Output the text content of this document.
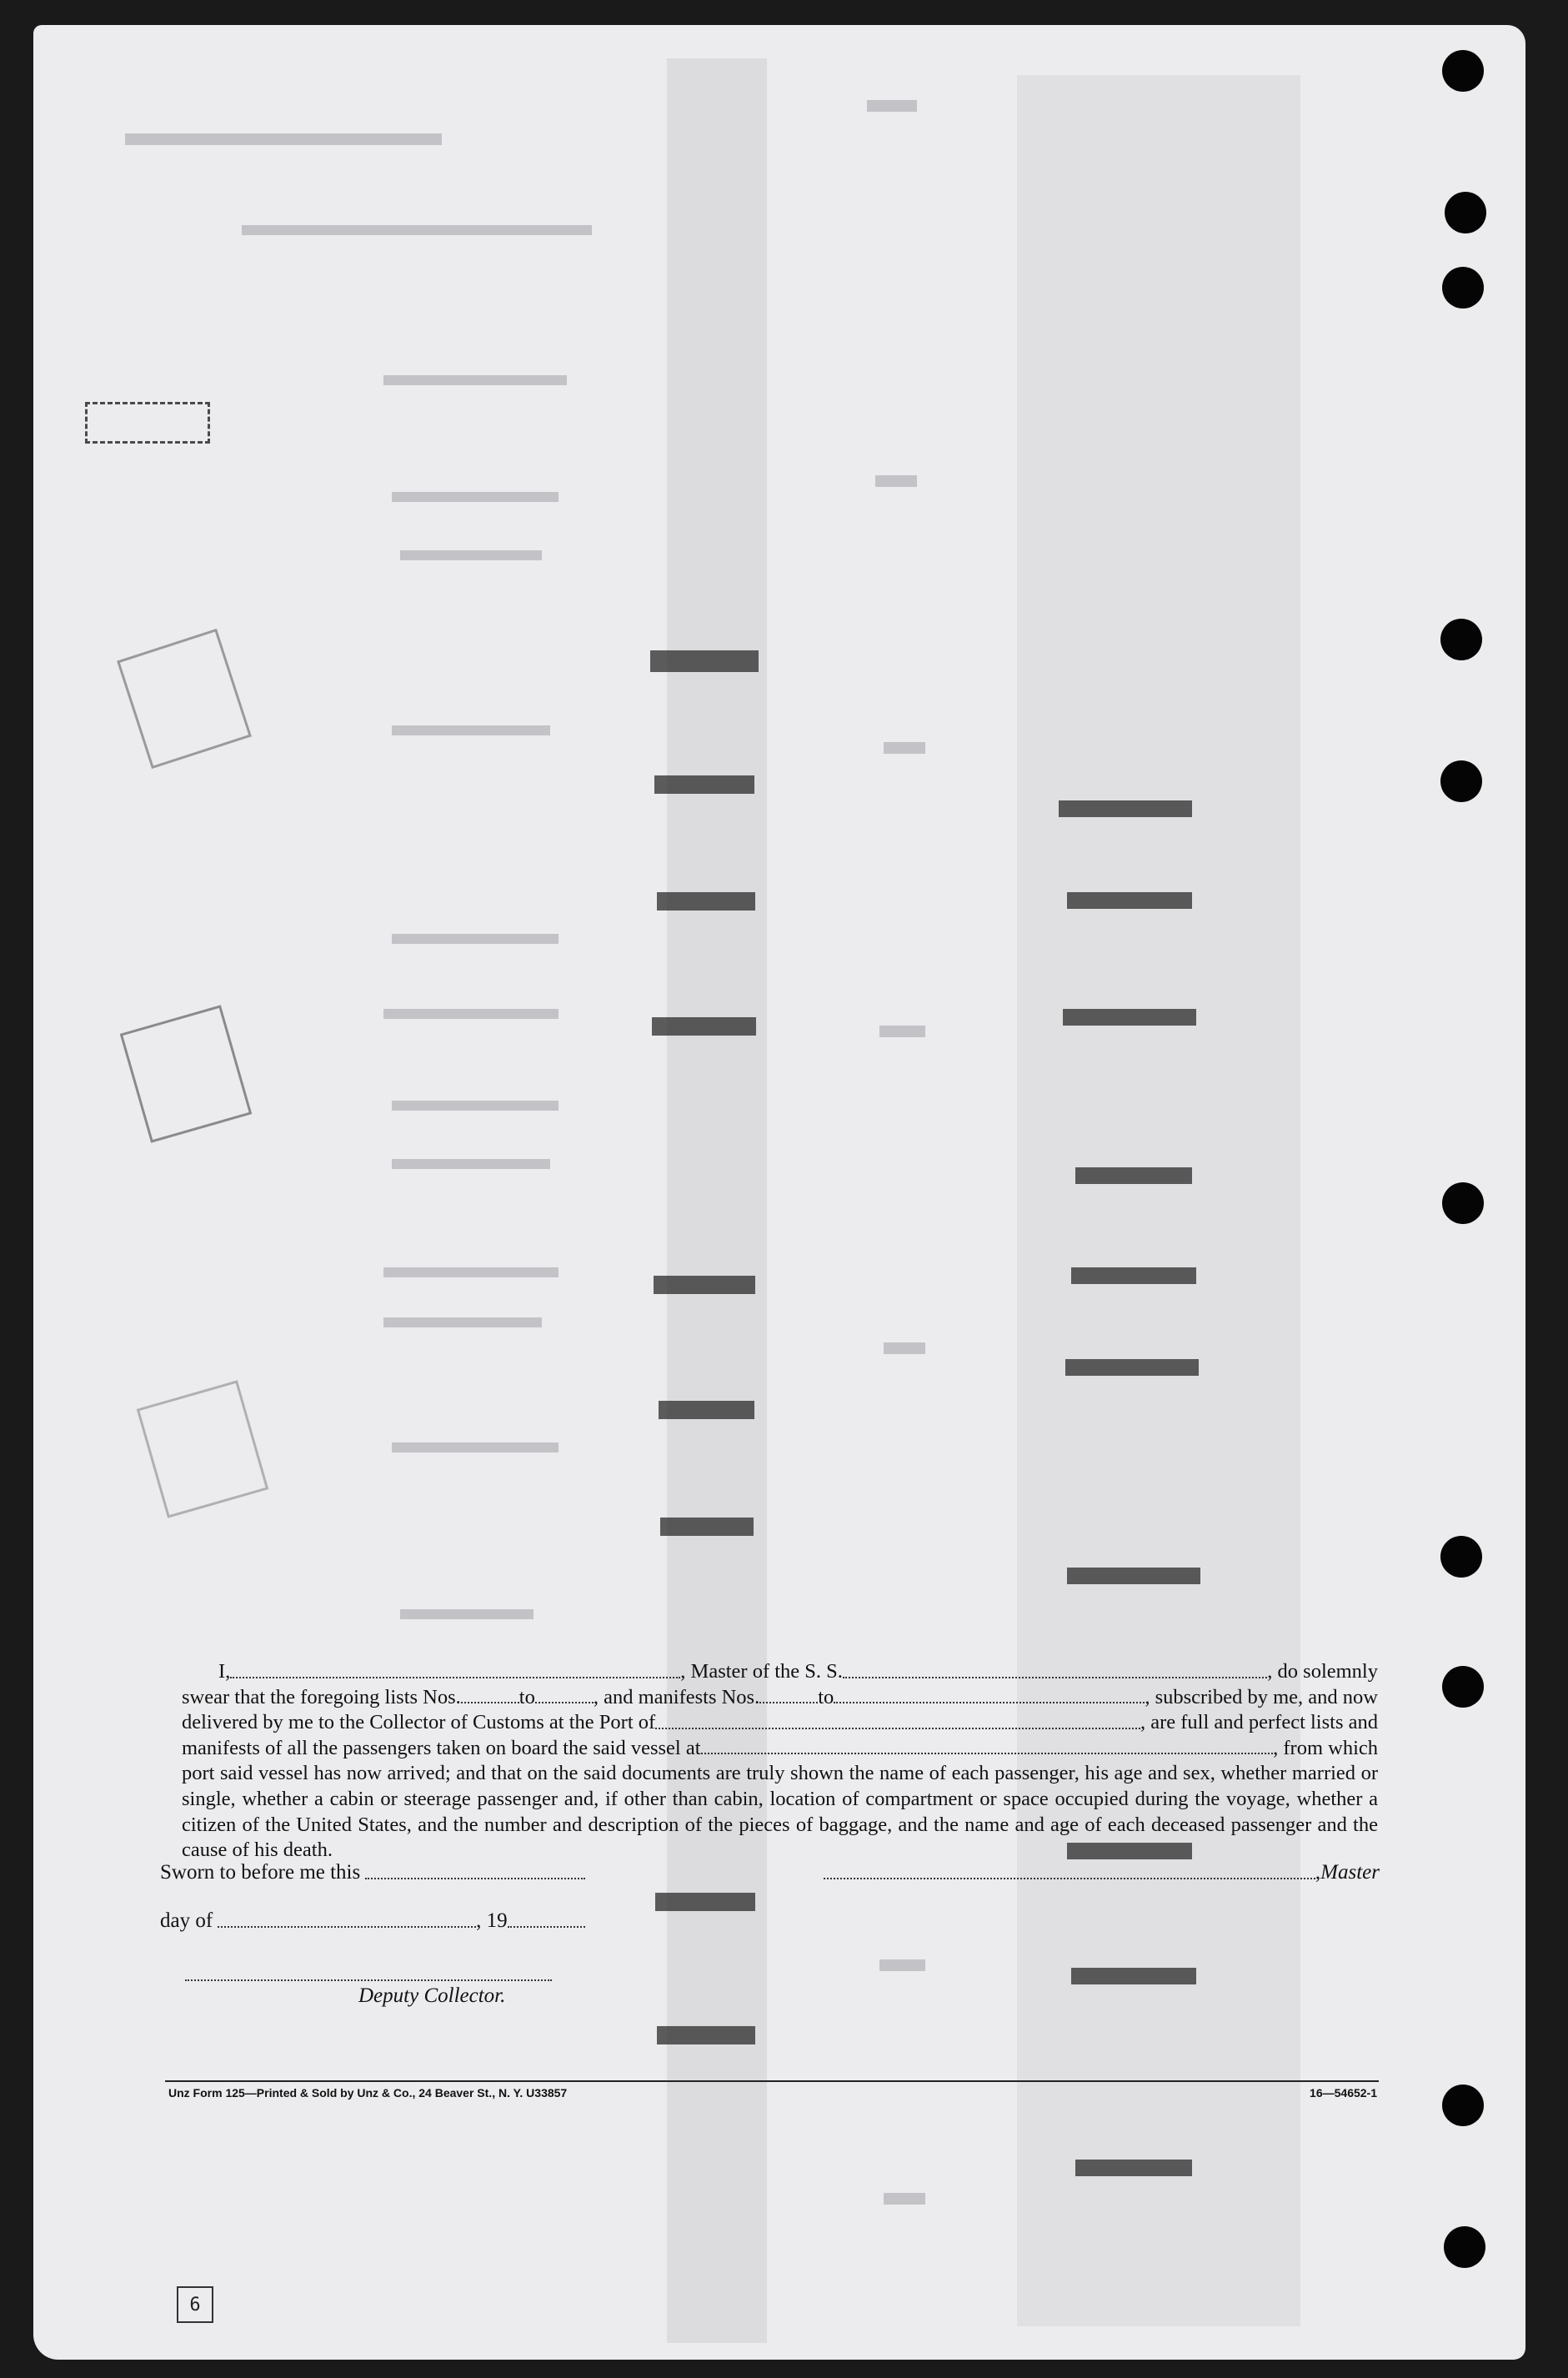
I,	, Master of the S. S.	, do solemnly
swear that the foregoing lists Nos.	to	, and manifests Nos.	to	, subscribed by me, and now
delivered by me to the Collector of Customs at the Port of	, are full and perfect lists and
manifests of all the passengers taken on board the said vessel at	, from which
port said vessel has now arrived; and that on the said documents are truly shown the name of each passenger, his age and sex, whether married or single, whether a cabin or steerage passenger and, if other than cabin, location of compartment or space occupied during the voyage, whether a citizen of the United States, and the number and description of the pieces of baggage, and the name and age of each deceased passenger and the cause of his death.
Sworn to before me this	, Master
day of	, 19
Deputy Collector.
Unz Form 125—Printed & Sold by Unz & Co., 24 Beaver St., N. Y. U33857	16—54652-1
6
